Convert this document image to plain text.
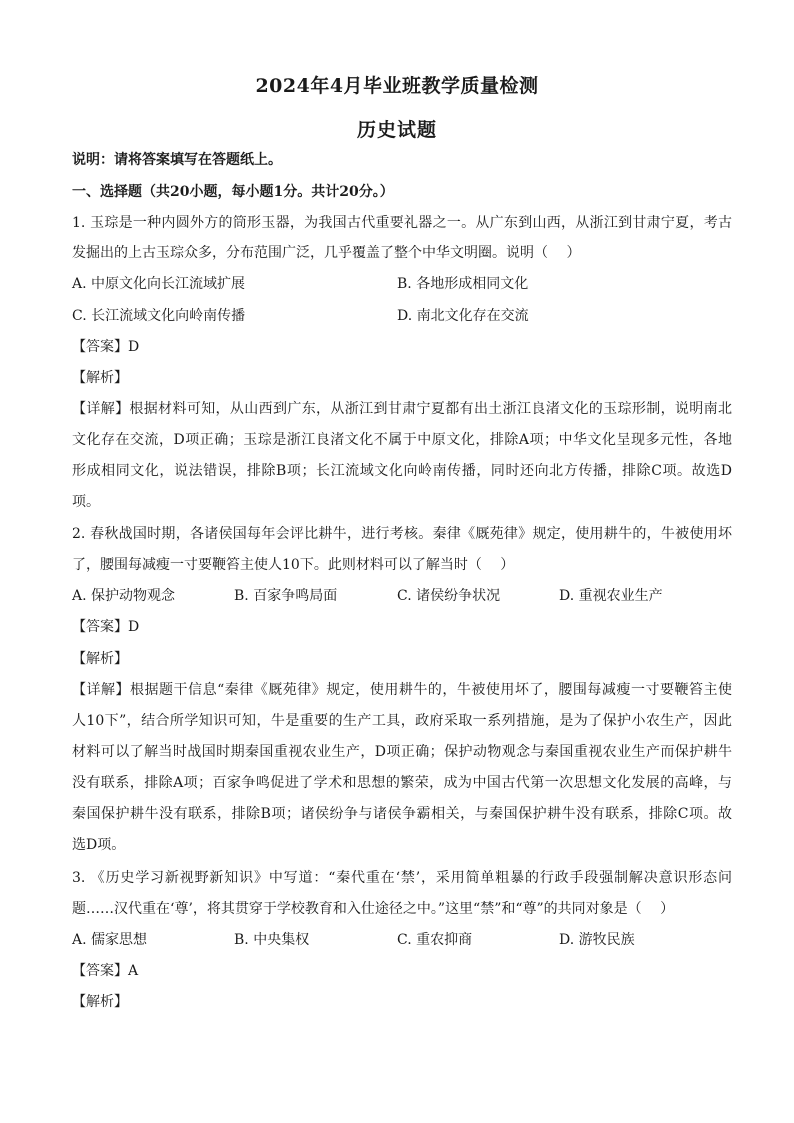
2024年4月毕业班教学质量检测
历史试题
说明：请将答案填写在答题纸上。
一、选择题（共20小题，每小题1分。共计20分。）
1. 玉琮是一种内圆外方的筒形玉器，为我国古代重要礼器之一。从广东到山西，从浙江到甘肃宁夏，考古
发掘出的上古玉琮众多，分布范围广泛，几乎覆盖了整个中华文明圈。说明（　 ）
A. 中原文化向长江流域扩展	B. 各地形成相同文化
C. 长江流域文化向岭南传播	D. 南北文化存在交流
【答案】D
【解析】
【详解】根据材料可知，从山西到广东，从浙江到甘肃宁夏都有出土浙江良渚文化的玉琮形制，说明南北
文化存在交流，D项正确；玉琮是浙江良渚文化不属于中原文化，排除A项；中华文化呈现多元性，各地
形成相同文化，说法错误，排除B项；长江流域文化向岭南传播，同时还向北方传播，排除C项。故选D
项。
2. 春秋战国时期，各诸侯国每年会评比耕牛，进行考核。秦律《厩苑律》规定，使用耕牛的，牛被使用坏
了，腰围每减瘦一寸要鞭笞主使人10下。此则材料可以了解当时（　 ）
A. 保护动物观念	B. 百家争鸣局面	C. 诸侯纷争状况	D. 重视农业生产
【答案】D
【解析】
【详解】根据题干信息“秦律《厩苑律》规定，使用耕牛的，牛被使用坏了，腰围每减瘦一寸要鞭笞主使
人10下”，结合所学知识可知，牛是重要的生产工具，政府采取一系列措施，是为了保护小农生产，因此
材料可以了解当时战国时期秦国重视农业生产，D项正确；保护动物观念与秦国重视农业生产而保护耕牛
没有联系，排除A项；百家争鸣促进了学术和思想的繁荣，成为中国古代第一次思想文化发展的高峰，与
秦国保护耕牛没有联系，排除B项；诸侯纷争与诸侯争霸相关，与秦国保护耕牛没有联系，排除C项。故
选D项。
3. 《历史学习新视野新知识》中写道：“秦代重在‘禁’，采用简单粗暴的行政手段强制解决意识形态问
题……汉代重在‘尊’，将其贯穿于学校教育和入仕途径之中。”这里“禁”和“尊”的共同对象是（　 ）
A. 儒家思想	B. 中央集权	C. 重农抑商	D. 游牧民族
【答案】A
【解析】
